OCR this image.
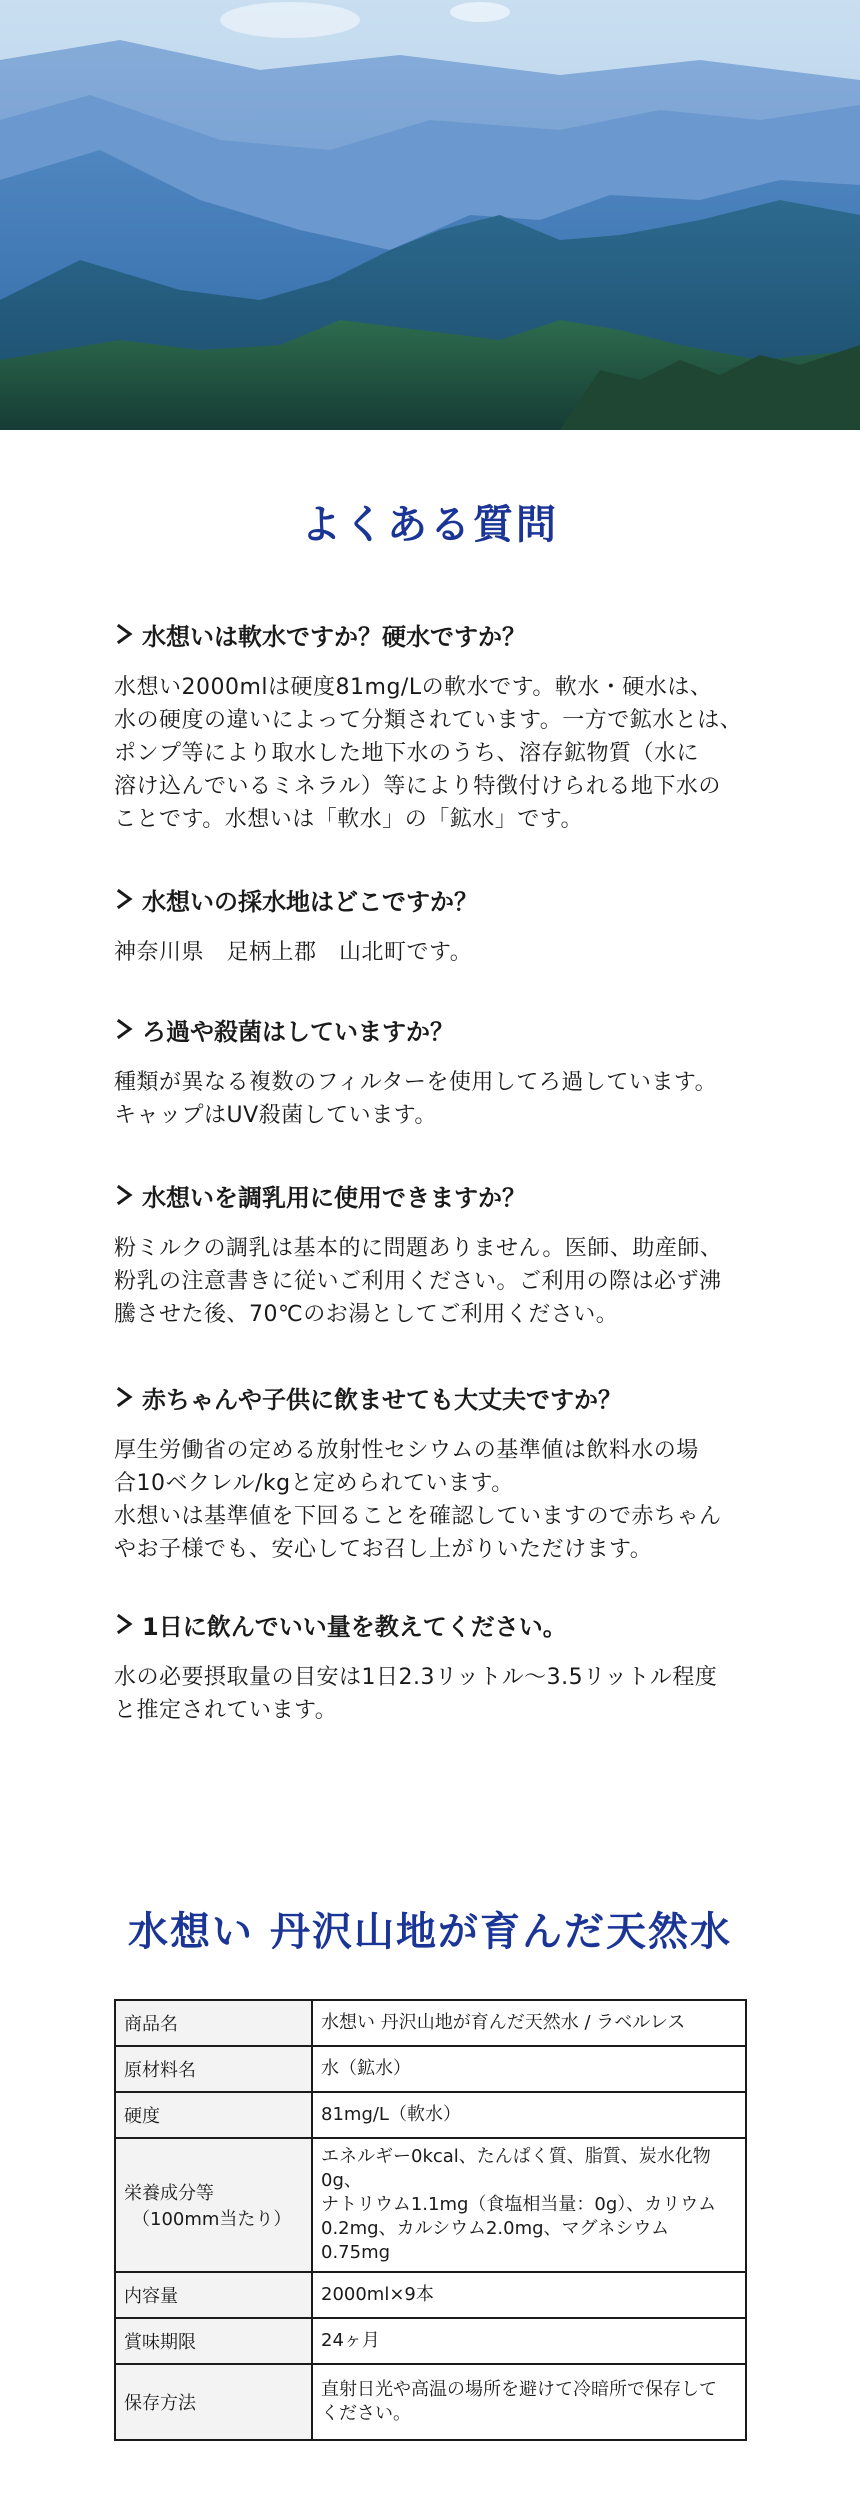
よくある質問
水想いは軟水ですか？硬水ですか？
水想い2000mlは硬度81mg/Lの軟水です。軟水・硬水は、
水の硬度の違いによって分類されています。一方で鉱水とは、
ポンプ等により取水した地下水のうち、溶存鉱物質（水に
溶け込んでいるミネラル）等により特徴付けられる地下水の
ことです。水想いは「軟水」の「鉱水」です。
水想いの採水地はどこですか？
神奈川県　足柄上郡　山北町です。
ろ過や殺菌はしていますか？
種類が異なる複数のフィルターを使用してろ過しています。
キャップはUV殺菌しています。
水想いを調乳用に使用できますか？
粉ミルクの調乳は基本的に問題ありません。医師、助産師、
粉乳の注意書きに従いご利用ください。ご利用の際は必ず沸
騰させた後、70℃のお湯としてご利用ください。
赤ちゃんや子供に飲ませても大丈夫ですか？
厚生労働省の定める放射性セシウムの基準値は飲料水の場
合10ベクレル/kgと定められています。
水想いは基準値を下回ることを確認していますので赤ちゃん
やお子様でも、安心してお召し上がりいただけます。
1日に飲んでいい量を教えてください。
水の必要摂取量の目安は1日2.3リットル～3.5リットル程度
と推定されています。
水想い 丹沢山地が育んだ天然水
商品名	水想い 丹沢山地が育んだ天然水 / ラベルレス
原材料名	水（鉱水）
硬度	81mg/L（軟水）
栄養成分等
（100mm当たり）	エネルギー0kcal、たんぱく質、脂質、炭水化物0g、
ナトリウム1.1mg（食塩相当量：0g）、カリウム
0.2mg、カルシウム2.0mg、マグネシウム0.75mg
内容量	2000ml×9本
賞味期限	24ヶ月
保存方法	直射日光や高温の場所を避けて冷暗所で保存して
ください。
